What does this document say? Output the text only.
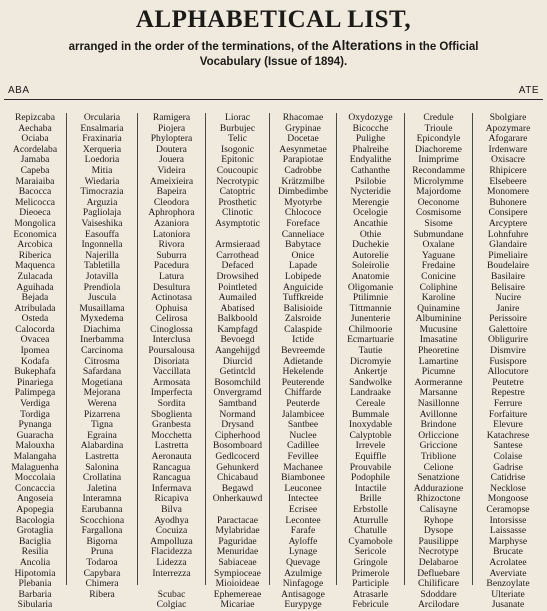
ALPHABETICAL LIST,
arranged in the order of the terminations, of the Alterations in the Official
Vocabulary (Issue of 1894).
ABA	ATE
Repizcaba
Aechaba
Ociaba
Acordelaba
Jamaba
Capeba
Maraiaiba
Bacocca
Melicocca
Dieoeca
Mongolica
Economica
Arcobica
Riberica
Maquenca
Zulacada
Aguihada
Bejada
Atribulada
Osteda
Calocorda
Ovacea
Ipomea
Kodafa
Bukephafa
Pinariega
Palimpega
Verdiga
Tordiga
Pynanga
Guaracha
Malouxha
Malangaha
Malaguenha
Moccolaia
Concaccia
Angoseia
Apopegia
Bacologia
Grotaglia
Baciglia
Resilia
Ancolia
Hipotomia
Plebania
Barbaria
Sibularia
Orcularia
Ensalmaria
Fraxinaria
Xerqueria
Loedoria
Mitia
Wiedaria
Timocrazia
Arguzia
Pagliolaja
Vaiseshika
Easouffa
Ingonnella
Najerilla
Tabletilla
Jotavilla
Prendiola
Juscula
Musaillama
Myxedema
Diachima
Inerbamma
Carcinoma
Citrosma
Safardana
Mogetiana
Mejorana
Werena
Pizarrena
Tigna
Egraina
Alabardina
Lastretta
Salonina
Crollatina
Jaletina
Interamna
Earubanna
Scocchiona
Fargallona
Bigorna
Pruna
Todaroa
Capybara
Chimera
Ribera
Ramigera
Piojera
Phyloptera
Doutera
Jouera
Videira
Ameixieira
Bapeira
Cleodora
Aphrophora
Azaniora
Latoniora
Rivora
Suburra
Pacedura
Latura
Desultura
Actinotasa
Ophuisa
Celirosa
Cinoglossa
Interclusa
Poursalousa
Disoriata
Vaccillata
Armosata
Imperfecta
Sordita
Sboglienta
Granbesta
Mocchetta
Lastretta
Aeronauta
Rancagua
Rancagua
Infermava
Ricapiva
Bilva
Ayodhya
Cocuiza
Ampolluza
Flacidezza
Lidezza
Interrezza

Scubac
Colgiac
Liorac
Burbujec
Telic
Isogonic
Epitonic
Coucoupic
Necrotypic
Catoptric
Prosthetic
Clinotic
Asymptotic

Armsieraad
Carrothead
Defaced
Drowsihed
Pointleted
Aumailed
Abatised
Balkboold
Kampfagd
Bevoegd
Aangehijgd
Diurcid
Getintcld
Bosomchild
Onvergramd
Samtband
Normand
Drysand
Cipherhood
Bosomboard
Gedlcocerd
Gehunkerd
Chicabaud
Begawd
Onherkauwd

Paractacae
Mylabridae
Paguridae
Menuridae
Sabiaceae
Sympioceae
Mioioideae
Ephemereae
Micariae
Rhacomae
Grypinae
Docetae
Aesynmetae
Parapiotae
Cadrobbe
Krätzmilbe
Dimbedimbe
Myotyrbe
Chlococe
Foreface
Canneliace
Babytace
Onice
Lapade
Lobipede
Anguicide
Tuffkreide
Balisioide
Zalsroide
Calaspide
Ictide
Bevreemde
Adietande
Hekelende
Peuterende
Chiffarde
Peuterde
Jalambicee
Santbee
Nuclee
Cadillee
Fevillee
Machanee
Biambonee
Leuconee
Intectee
Ecrisee
Lecontee
Farafe
Ayloffe
Lynage
Quevage
Azulmige
Ninfagoge
Antisagoge
Eurypyge
Oxydozyge
Bicocche
Pulighe
Phalreihe
Endyalithe
Cathanthe
Psilobie
Nycteridie
Merengie
Ocelogie
Ancathie
Othie
Duchekie
Autorelie
Soleirolie
Anatomie
Oligomanie
Ptilimnie
Tittmannie
Junenterie
Chilmoorie
Ecmartuarie
Tautie
Dicromyie
Ankertje
Sandwolke
Landraake
Cereale
Bummale
Inoxydable
Calyptoble
Irrevele
Equiffle
Prouvabile
Podophile
Intactile
Brille
Erbstolle
Aturrulle
Chatulle
Cyamobole
Sericole
Gringole
Primerole
Participle
Atrasarle
Febricule
Credule
Trioule
Epicondyle
Diachoreme
Inimprime
Recondamme
Microlymme
Majordome
Oeconome
Cosmisome
Sisome
Submundane
Oxalane
Yaguane
Fredaine
Conicine
Coliphine
Karoline
Quinamine
Albuminine
Mucusine
Imasatine
Pheoretine
Lamartine
Picumne
Aormeranne
Marsanne
Nasillonne
Avillonne
Brindone
Orliccione
Griccione
Triblione
Celione
Senatzione
Addurazione
Rhizoctone
Calisayne
Ryhope
Dysope
Pausilippe
Necrotype
Delabaroe
Defluebare
Chilificare
Sdoddare
Arcilodare
Sbolgiare
Apozymare
Afogarare
Irdenware
Oxisacre
Rhipicere
Elsebeere
Monomere
Buhonere
Consipere
Arcyptere
Lohnfuhre
Glandaire
Pimeliaire
Boudelaire
Basilaire
Belisaire
Nucire
Janire
Perissoire
Galettoire
Obligurire
Dismvire
Fusispore
Allocutore
Peutetre
Repestre
Ferrure
Forfaiture
Elevure
Katachrese
Santese
Colaise
Gadrise
Catidrise
Necklose
Mongoose
Ceramopse
Intorsisse
Laissasse
Marphyse
Brucate
Acrolatee
Averviate
Benzoylate
Ulteriate
Jusanate
